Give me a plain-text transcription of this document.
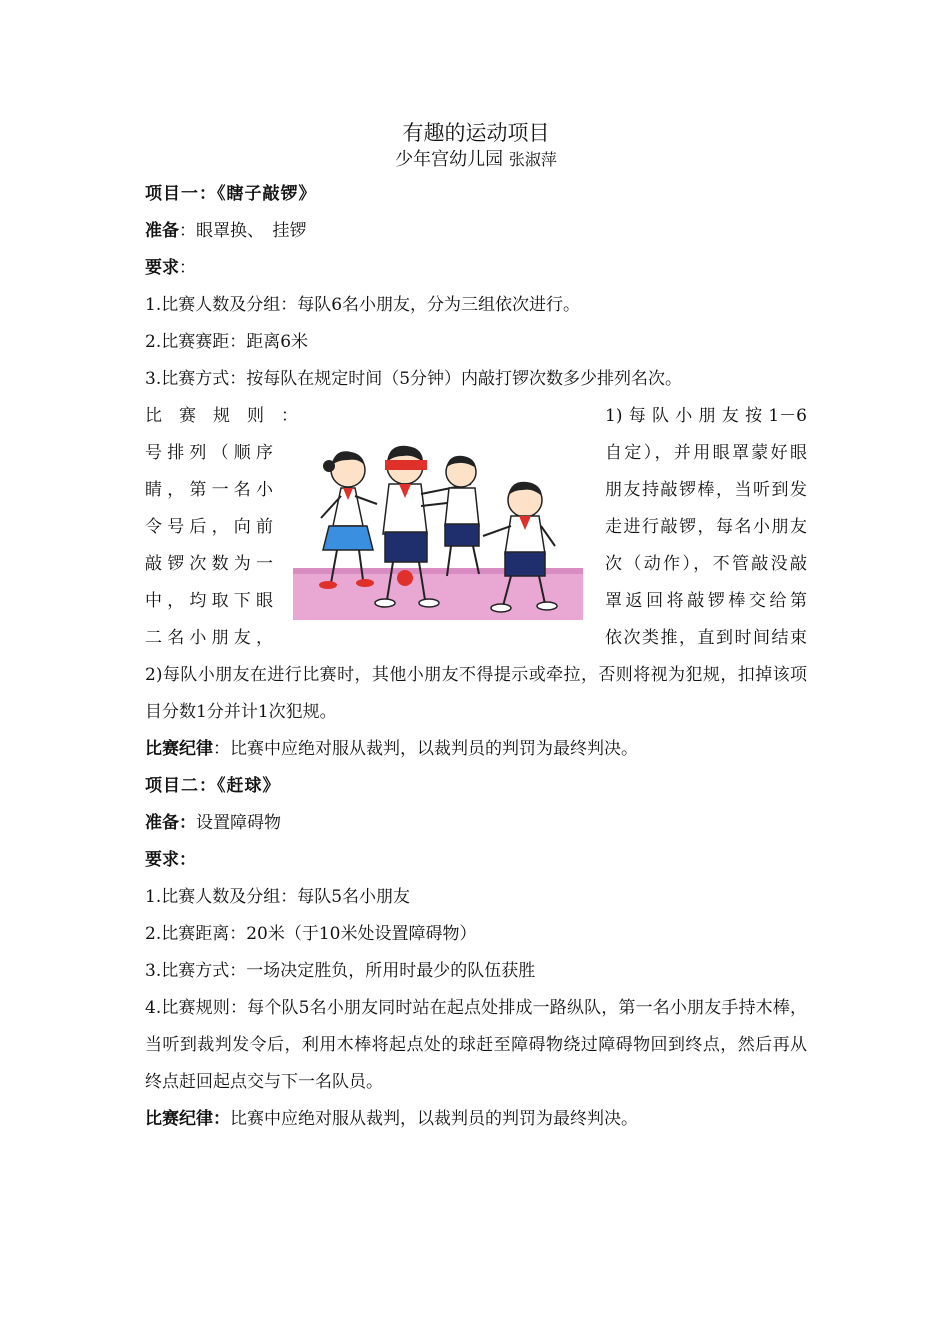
有趣的运动项目
少年宫幼儿园 张淑萍
项目一：《瞎子敲锣》
准备：眼罩换、　挂锣
要求：
1.比赛人数及分组：每队6名小朋友，分为三组依次进行。
2.比赛赛距：距离6米
3.比赛方式：按每队在规定时间（5分钟）内敲打锣次数多少排列名次。
比　赛　规　则　：	1)每队小朋友按1－6
号排列（顺序	自定），并用眼罩蒙好眼
睛，第一名小	朋友持敲锣棒，当听到发
令号后，向前	走进行敲锣，每名小朋友
敲锣次数为一	次（动作），不管敲没敲
中，均取下眼	罩返回将敲锣棒交给第
二名小朋友，	依次类推，直到时间结束
2)每队小朋友在进行比赛时，其他小朋友不得提示或牵拉，否则将视为犯规，扣掉该项目分数1分并计1次犯规。
比赛纪律：比赛中应绝对服从裁判，以裁判员的判罚为最终判决。
项目二：《赶球》
准备：设置障碍物
要求：
1.比赛人数及分组：每队5名小朋友
2.比赛距离：20米（于10米处设置障碍物）
3.比赛方式：一场决定胜负，所用时最少的队伍获胜
4.比赛规则：每个队5名小朋友同时站在起点处排成一路纵队，第一名小朋友手持木棒，当听到裁判发令后，利用木棒将起点处的球赶至障碍物绕过障碍物回到终点，然后再从终点赶回起点交与下一名队员。
比赛纪律：比赛中应绝对服从裁判，以裁判员的判罚为最终判决。
